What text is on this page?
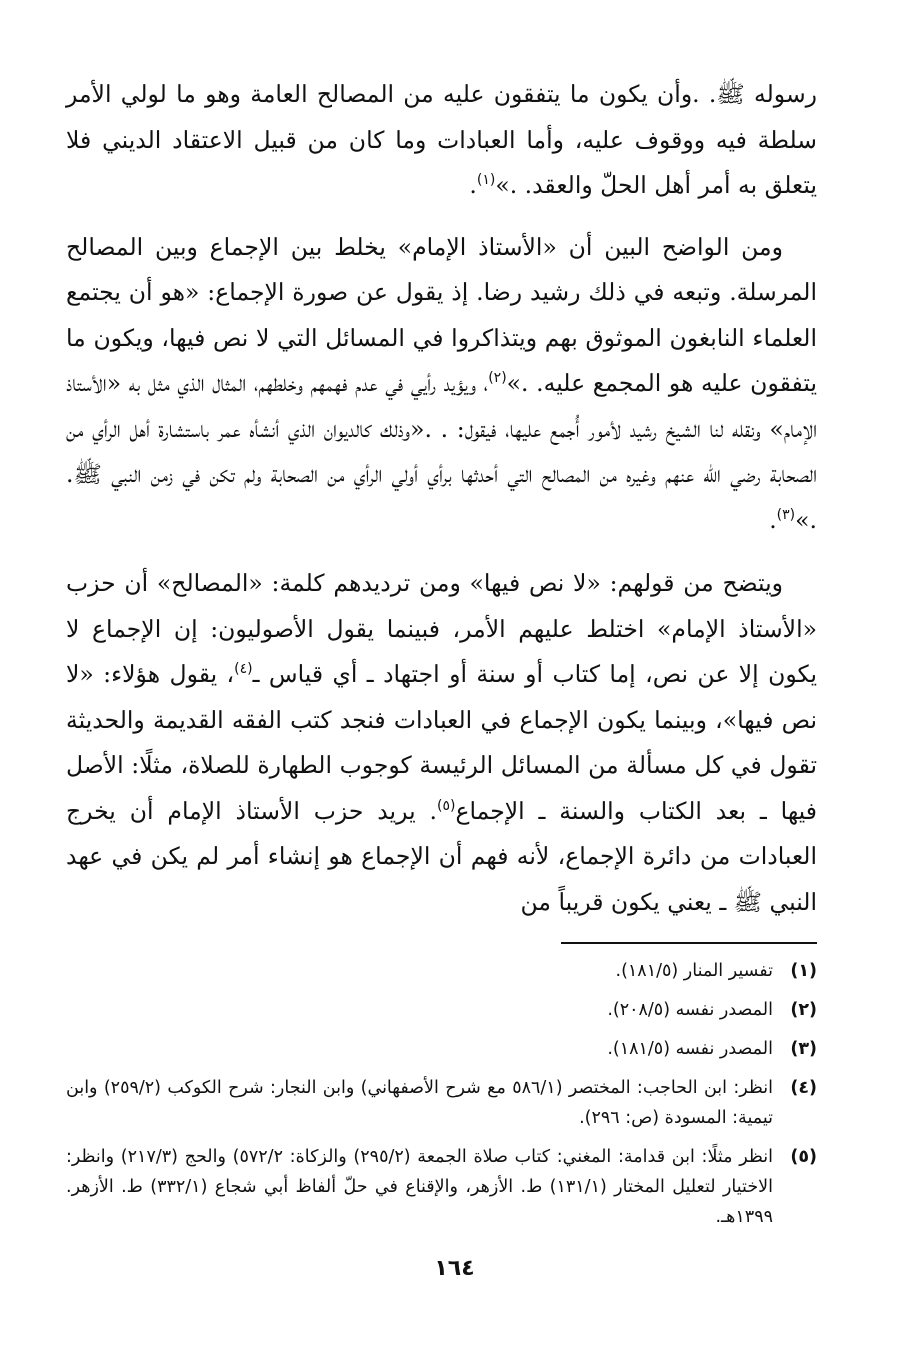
رسوله ﷺ. .وأن يكون ما يتفقون عليه من المصالح العامة وهو ما لولي الأمر سلطة فيه ووقوف عليه، وأما العبادات وما كان من قبيل الاعتقاد الديني فلا يتعلق به أمر أهل الحلّ والعقد. .»$^{(١)}$.

ومن الواضح البين أن «الأستاذ الإمام» يخلط بين الإجماع وبين المصالح المرسلة. وتبعه في ذلك رشيد رضا. إذ يقول عن صورة الإجماع: «هو أن يجتمع العلماء النابغون الموثوق بهم ويتذاكروا في المسائل التي لا نص فيها، ويكون ما يتفقون عليه هو المجمع عليه. .»$^{(٢)}$، ويؤيد رأيي في عدم فهمهم وخلطهم، المثال الذي مثل به «الأستاذ الإمام» ونقله لنا الشيخ رشيد لأمور أُجمع عليها، فيقول: . .«وذلك كالديوان الذي أنشأه عمر باستشارة أهل الرأي من الصحابة رضي الله عنهم وغيره من المصالح التي أحدثها برأي أولي الرأي من الصحابة ولم تكن في زمن النبي ﷺ. .»$^{(٣)}$.

ويتضح من قولهم: «لا نص فيها» ومن ترديدهم كلمة: «المصالح» أن حزب «الأستاذ الإمام» اختلط عليهم الأمر، فبينما يقول الأصوليون: إن الإجماع لا يكون إلا عن نص، إما كتاب أو سنة أو اجتهاد ـ أي قياس ـ$^{(٤)}$، يقول هؤلاء: «لا نص فيها»، وبينما يكون الإجماع في العبادات فنجد كتب الفقه القديمة والحديثة تقول في كل مسألة من المسائل الرئيسة كوجوب الطهارة للصلاة، مثلًا: الأصل فيها ـ بعد الكتاب والسنة ـ الإجماع$^{(٥)}$. يريد حزب الأستاذ الإمام أن يخرج العبادات من دائرة الإجماع، لأنه فهم أن الإجماع هو إنشاء أمر لم يكن في عهد النبي ﷺ ـ يعني يكون قريباً من

(١)
تفسير المنار (١٨١/٥).
(٢)
المصدر نفسه (٢٠٨/٥).
(٣)
المصدر نفسه (١٨١/٥).
(٤)
انظر: ابن الحاجب: المختصر (٥٨٦/١ مع شرح الأصفهاني) وابن النجار: شرح الكوكب (٢٥٩/٢) وابن تيمية: المسودة (ص: ٢٩٦).
(٥)
انظر مثلًا: ابن قدامة: المغني: كتاب صلاة الجمعة (٢٩٥/٢) والزكاة: ٥٧٢/٢) والحج (٢١٧/٣) وانظر: الاختيار لتعليل المختار (١٣١/١) ط. الأزهر، والإقناع في حلّ ألفاظ أبي شجاع (٣٣٢/١) ط. الأزهر. ١٣٩٩هـ.
١٦٤
